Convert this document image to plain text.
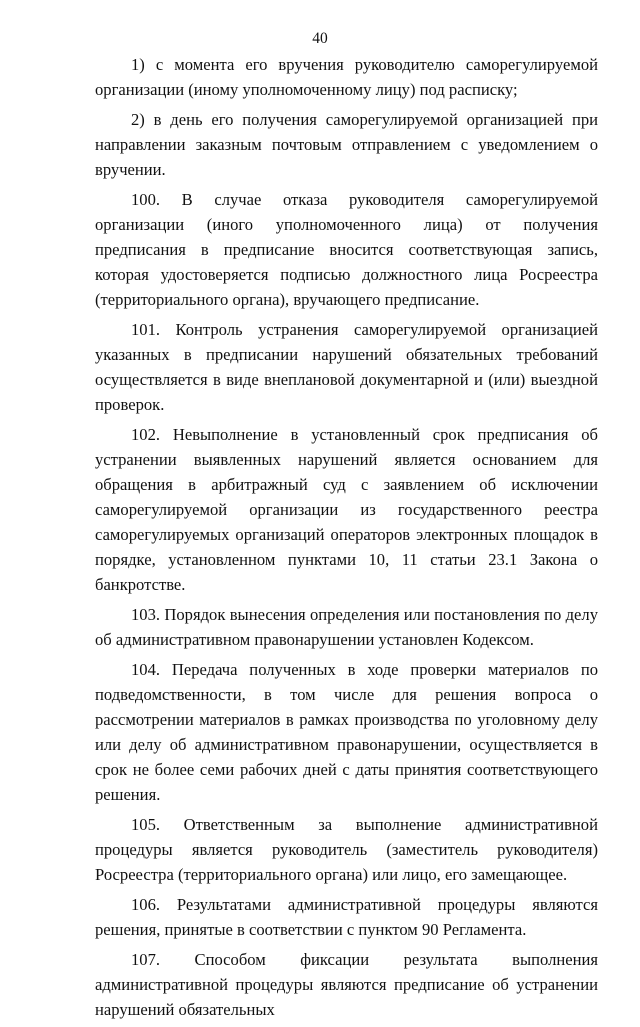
40

1) с момента его вручения руководителю саморегулируемой организации (иному уполномоченному лицу) под расписку;

2) в день его получения саморегулируемой организацией при направлении заказным почтовым отправлением с уведомлением о вручении.

100. В случае отказа руководителя саморегулируемой организации (иного уполномоченного лица) от получения предписания в предписание вносится соответствующая запись, которая удостоверяется подписью должностного лица Росреестра (территориального органа), вручающего предписание.

101. Контроль устранения саморегулируемой организацией указанных в предписании нарушений обязательных требований осуществляется в виде внеплановой документарной и (или) выездной проверок.

102. Невыполнение в установленный срок предписания об устранении выявленных нарушений является основанием для обращения в арбитражный суд с заявлением об исключении саморегулируемой организации из государственного реестра саморегулируемых организаций операторов электронных площадок в порядке, установленном пунктами 10, 11 статьи 23.1 Закона о банкротстве.

103. Порядок вынесения определения или постановления по делу об административном правонарушении установлен Кодексом.

104. Передача полученных в ходе проверки материалов по подведомственности, в том числе для решения вопроса о рассмотрении материалов в рамках производства по уголовному делу или делу об административном правонарушении, осуществляется в срок не более семи рабочих дней с даты принятия соответствующего решения.

105. Ответственным за выполнение административной процедуры является руководитель (заместитель руководителя) Росреестра (территориального органа) или лицо, его замещающее.

106. Результатами административной процедуры являются решения, принятые в соответствии с пунктом 90 Регламента.

107. Способом фиксации результата выполнения административной процедуры являются предписание об устранении нарушений обязательных
